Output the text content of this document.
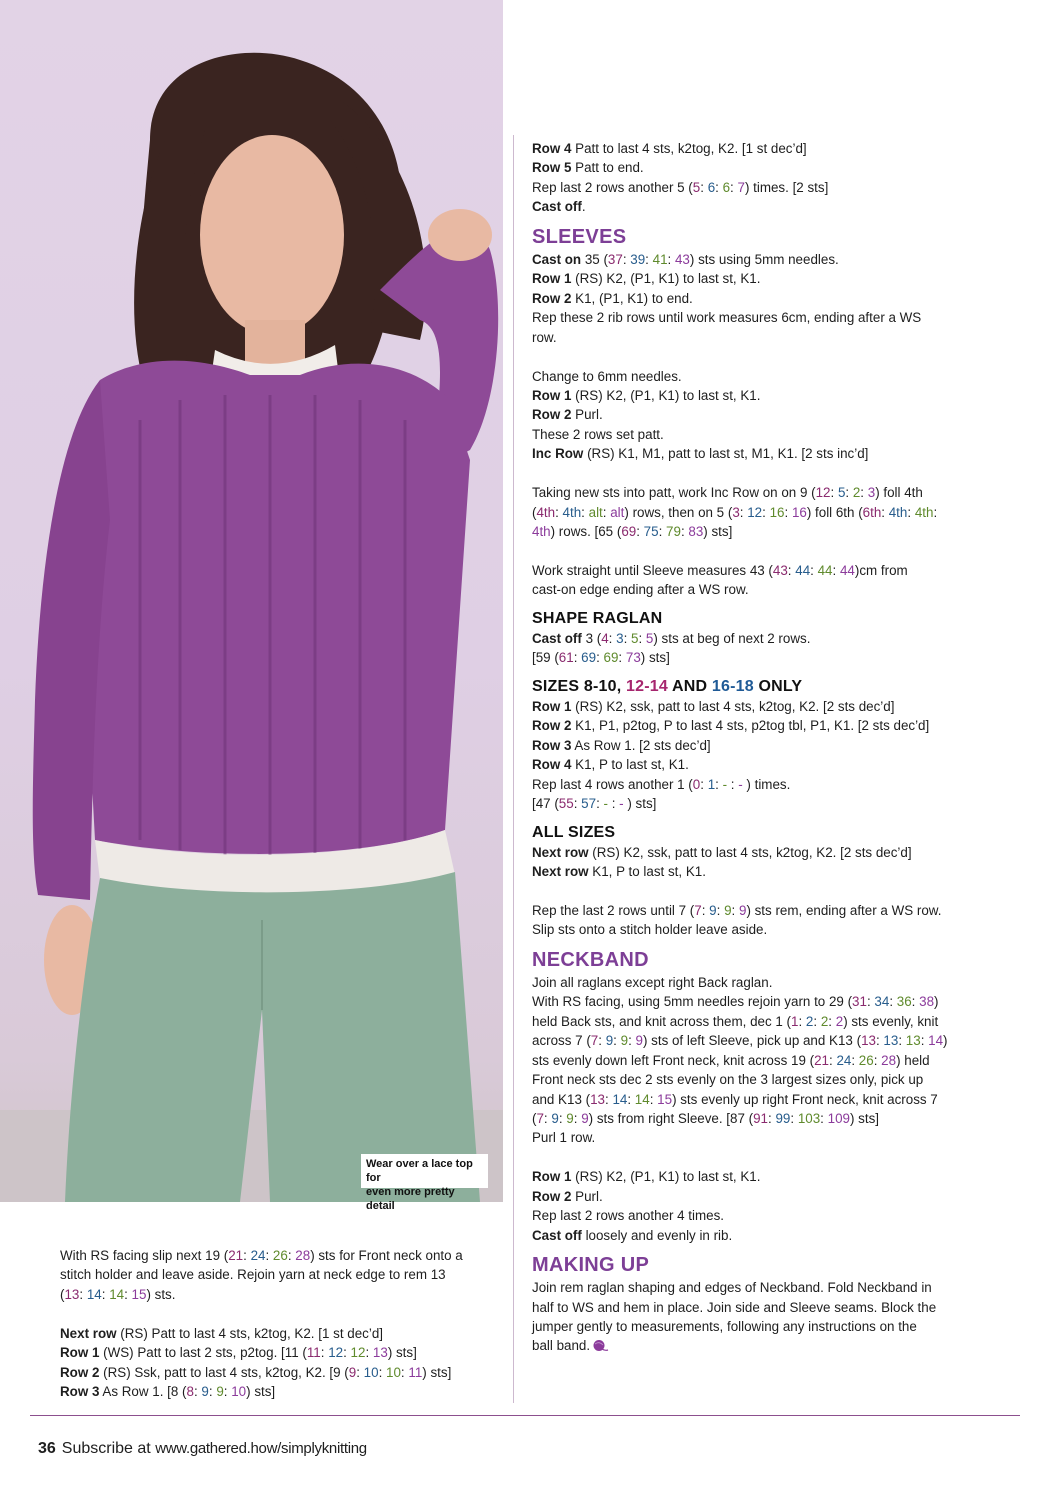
Wear over a lace top for
even more pretty detail
Row 4 Patt to last 4 sts, k2tog, K2. [1 st dec’d]
Row 5 Patt to end.
Rep last 2 rows another 5 (5: 6: 6: 7) times. [2 sts]
Cast off.
SLEEVES
Cast on 35 (37: 39: 41: 43) sts using 5mm needles.
Row 1 (RS) K2, (P1, K1) to last st, K1.
Row 2 K1, (P1, K1) to end.
Rep these 2 rib rows until work measures 6cm, ending after a WS
row.
Change to 6mm needles.
Row 1 (RS) K2, (P1, K1) to last st, K1.
Row 2 Purl.
These 2 rows set patt.
Inc Row (RS) K1, M1, patt to last st, M1, K1. [2 sts inc’d]
Taking new sts into patt, work Inc Row on on 9 (12: 5: 2: 3) foll 4th
(4th: 4th: alt: alt) rows, then on 5 (3: 12: 16: 16) foll 6th (6th: 4th: 4th:
4th) rows. [65 (69: 75: 79: 83) sts]
Work straight until Sleeve measures 43 (43: 44: 44: 44)cm from
cast-on edge ending after a WS row.
SHAPE RAGLAN
Cast off 3 (4: 3: 5: 5) sts at beg of next 2 rows.
[59 (61: 69: 69: 73) sts]
SIZES 8-10, 12-14 AND 16-18 ONLY
Row 1 (RS) K2, ssk, patt to last 4 sts, k2tog, K2. [2 sts dec’d]
Row 2 K1, P1, p2tog, P to last 4 sts, p2tog tbl, P1, K1. [2 sts dec’d]
Row 3 As Row 1. [2 sts dec’d]
Row 4 K1, P to last st, K1.
Rep last 4 rows another 1 (0: 1: - : - ) times.
[47 (55: 57: - : - ) sts]
ALL SIZES
Next row (RS) K2, ssk, patt to last 4 sts, k2tog, K2. [2 sts dec’d]
Next row K1, P to last st, K1.
Rep the last 2 rows until 7 (7: 9: 9: 9) sts rem, ending after a WS row.
Slip sts onto a stitch holder leave aside.
NECKBAND
Join all raglans except right Back raglan.
With RS facing, using 5mm needles rejoin yarn to 29 (31: 34: 36: 38)
held Back sts, and knit across them, dec 1 (1: 2: 2: 2) sts evenly, knit
across 7 (7: 9: 9: 9) sts of left Sleeve, pick up and K13 (13: 13: 13: 14)
sts evenly down left Front neck, knit across 19 (21: 24: 26: 28) held
Front neck sts dec 2 sts evenly on the 3 largest sizes only, pick up
and K13 (13: 14: 14: 15) sts evenly up right Front neck, knit across 7
(7: 9: 9: 9) sts from right Sleeve. [87 (91: 99: 103: 109) sts]
Purl 1 row.
Row 1 (RS) K2, (P1, K1) to last st, K1.
Row 2 Purl.
Rep last 2 rows another 4 times.
Cast off loosely and evenly in rib.
MAKING UP
Join rem raglan shaping and edges of Neckband. Fold Neckband in
half to WS and hem in place. Join side and Sleeve seams. Block the
jumper gently to measurements, following any instructions on the
ball band.
With RS facing slip next 19 (21: 24: 26: 28) sts for Front neck onto a
stitch holder and leave aside. Rejoin yarn at neck edge to rem 13
(13: 14: 14: 15) sts.
Next row (RS) Patt to last 4 sts, k2tog, K2. [1 st dec’d]
Row 1 (WS) Patt to last 2 sts, p2tog. [11 (11: 12: 12: 13) sts]
Row 2 (RS) Ssk, patt to last 4 sts, k2tog, K2. [9 (9: 10: 10: 11) sts]
Row 3 As Row 1. [8 (8: 9: 9: 10) sts]
36 Subscribe at www.gathered.how/simplyknitting
